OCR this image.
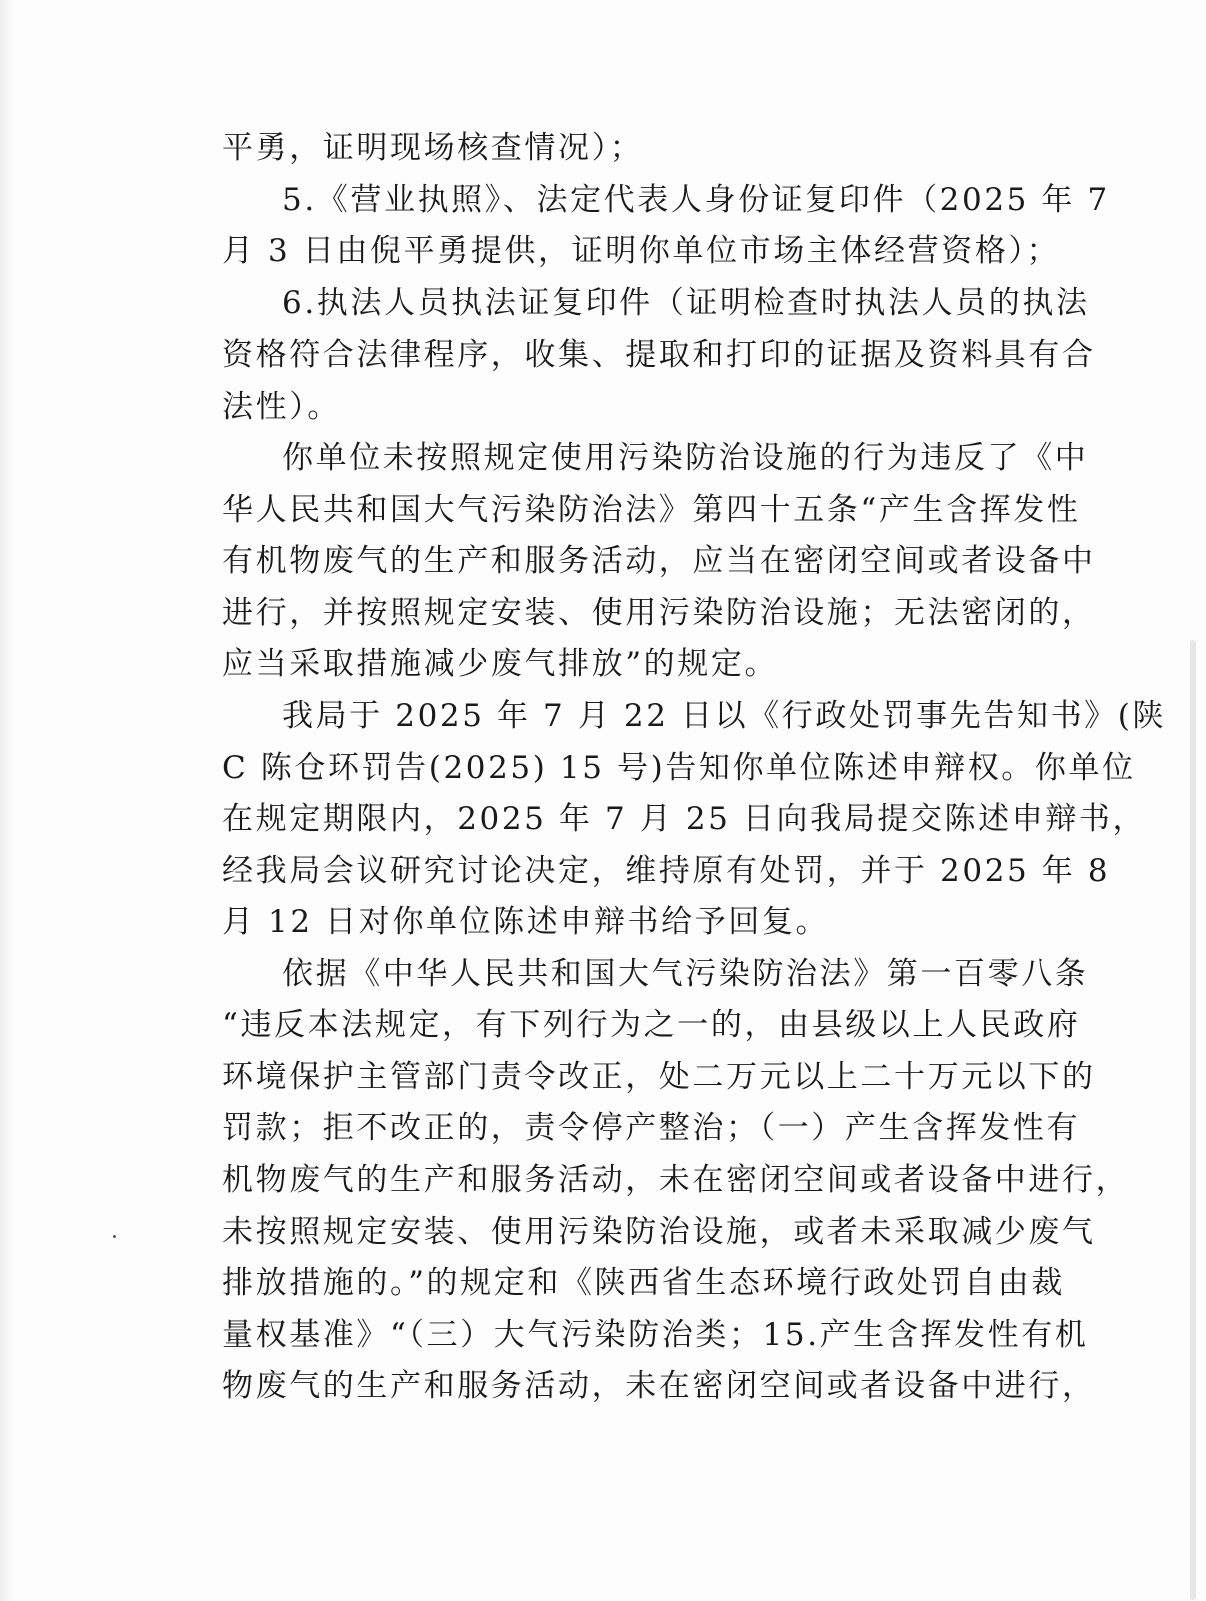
平勇，证明现场核查情况）；
5.《营业执照》、法定代表人身份证复印件（2025 年 7
月 3 日由倪平勇提供，证明你单位市场主体经营资格）；
6.执法人员执法证复印件（证明检查时执法人员的执法
资格符合法律程序，收集、提取和打印的证据及资料具有合
法性）。
你单位未按照规定使用污染防治设施的行为违反了《中
华人民共和国大气污染防治法》第四十五条“产生含挥发性
有机物废气的生产和服务活动，应当在密闭空间或者设备中
进行，并按照规定安装、使用污染防治设施；无法密闭的，
应当采取措施减少废气排放”的规定。
我局于 2025 年 7 月 22 日以《行政处罚事先告知书》(陕
C 陈仓环罚告(2025) 15 号)告知你单位陈述申辩权。你单位
在规定期限内，2025 年 7 月 25 日向我局提交陈述申辩书，
经我局会议研究讨论决定，维持原有处罚，并于 2025 年 8
月 12 日对你单位陈述申辩书给予回复。
依据《中华人民共和国大气污染防治法》第一百零八条
“违反本法规定，有下列行为之一的，由县级以上人民政府
环境保护主管部门责令改正，处二万元以上二十万元以下的
罚款；拒不改正的，责令停产整治；（一）产生含挥发性有
机物废气的生产和服务活动，未在密闭空间或者设备中进行，
未按照规定安装、使用污染防治设施，或者未采取减少废气
排放措施的。”的规定和《陕西省生态环境行政处罚自由裁
量权基准》“（三）大气污染防治类；15.产生含挥发性有机
物废气的生产和服务活动，未在密闭空间或者设备中进行，
